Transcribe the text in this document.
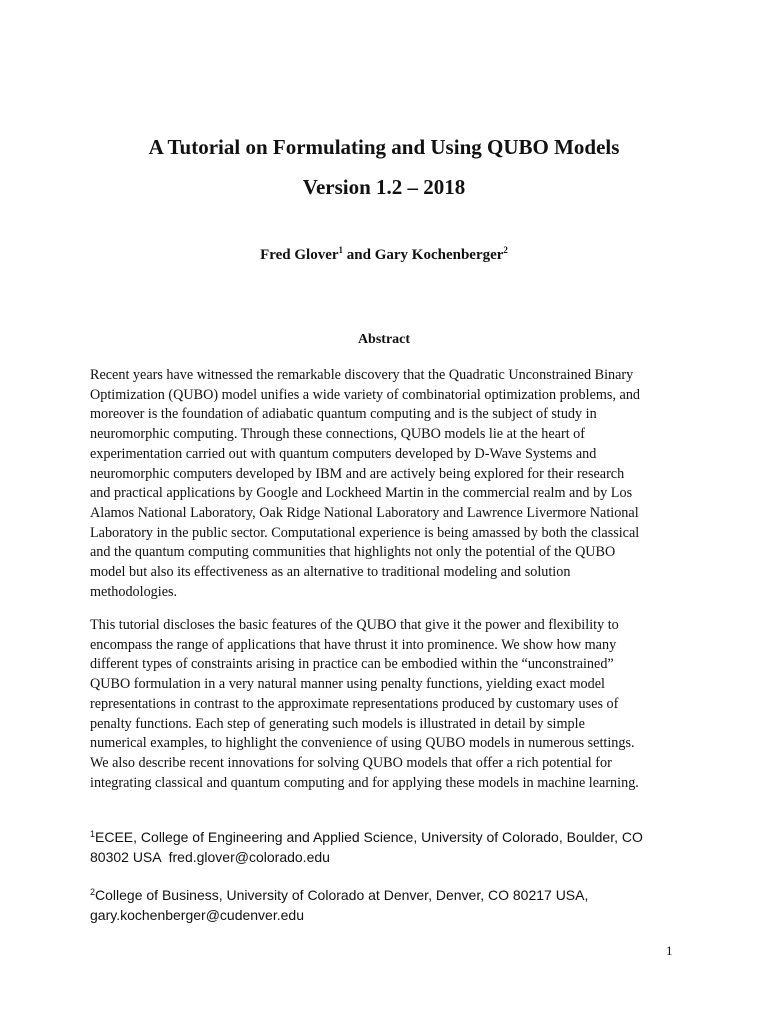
A Tutorial on Formulating and Using QUBO Models
Version 1.2 – 2018
Fred Glover$^1$ and Gary Kochenberger$^2$
Abstract
Recent years have witnessed the remarkable discovery that the Quadratic Unconstrained Binary
Optimization (QUBO) model unifies a wide variety of combinatorial optimization problems, and
moreover is the foundation of adiabatic quantum computing and is the subject of study in
neuromorphic computing. Through these connections, QUBO models lie at the heart of
experimentation carried out with quantum computers developed by D-Wave Systems and
neuromorphic computers developed by IBM and are actively being explored for their research
and practical applications by Google and Lockheed Martin in the commercial realm and by Los
Alamos National Laboratory, Oak Ridge National Laboratory and Lawrence Livermore National
Laboratory in the public sector. Computational experience is being amassed by both the classical
and the quantum computing communities that highlights not only the potential of the QUBO
model but also its effectiveness as an alternative to traditional modeling and solution
methodologies.
This tutorial discloses the basic features of the QUBO that give it the power and flexibility to
encompass the range of applications that have thrust it into prominence. We show how many
different types of constraints arising in practice can be embodied within the “unconstrained”
QUBO formulation in a very natural manner using penalty functions, yielding exact model
representations in contrast to the approximate representations produced by customary uses of
penalty functions. Each step of generating such models is illustrated in detail by simple
numerical examples, to highlight the convenience of using QUBO models in numerous settings.
We also describe recent innovations for solving QUBO models that offer a rich potential for
integrating classical and quantum computing and for applying these models in machine learning.
$^1$ECEE, College of Engineering and Applied Science, University of Colorado, Boulder, CO
80302 USA  fred.glover@colorado.edu
$^2$College of Business, University of Colorado at Denver, Denver, CO 80217 USA,
gary.kochenberger@cudenver.edu
1
